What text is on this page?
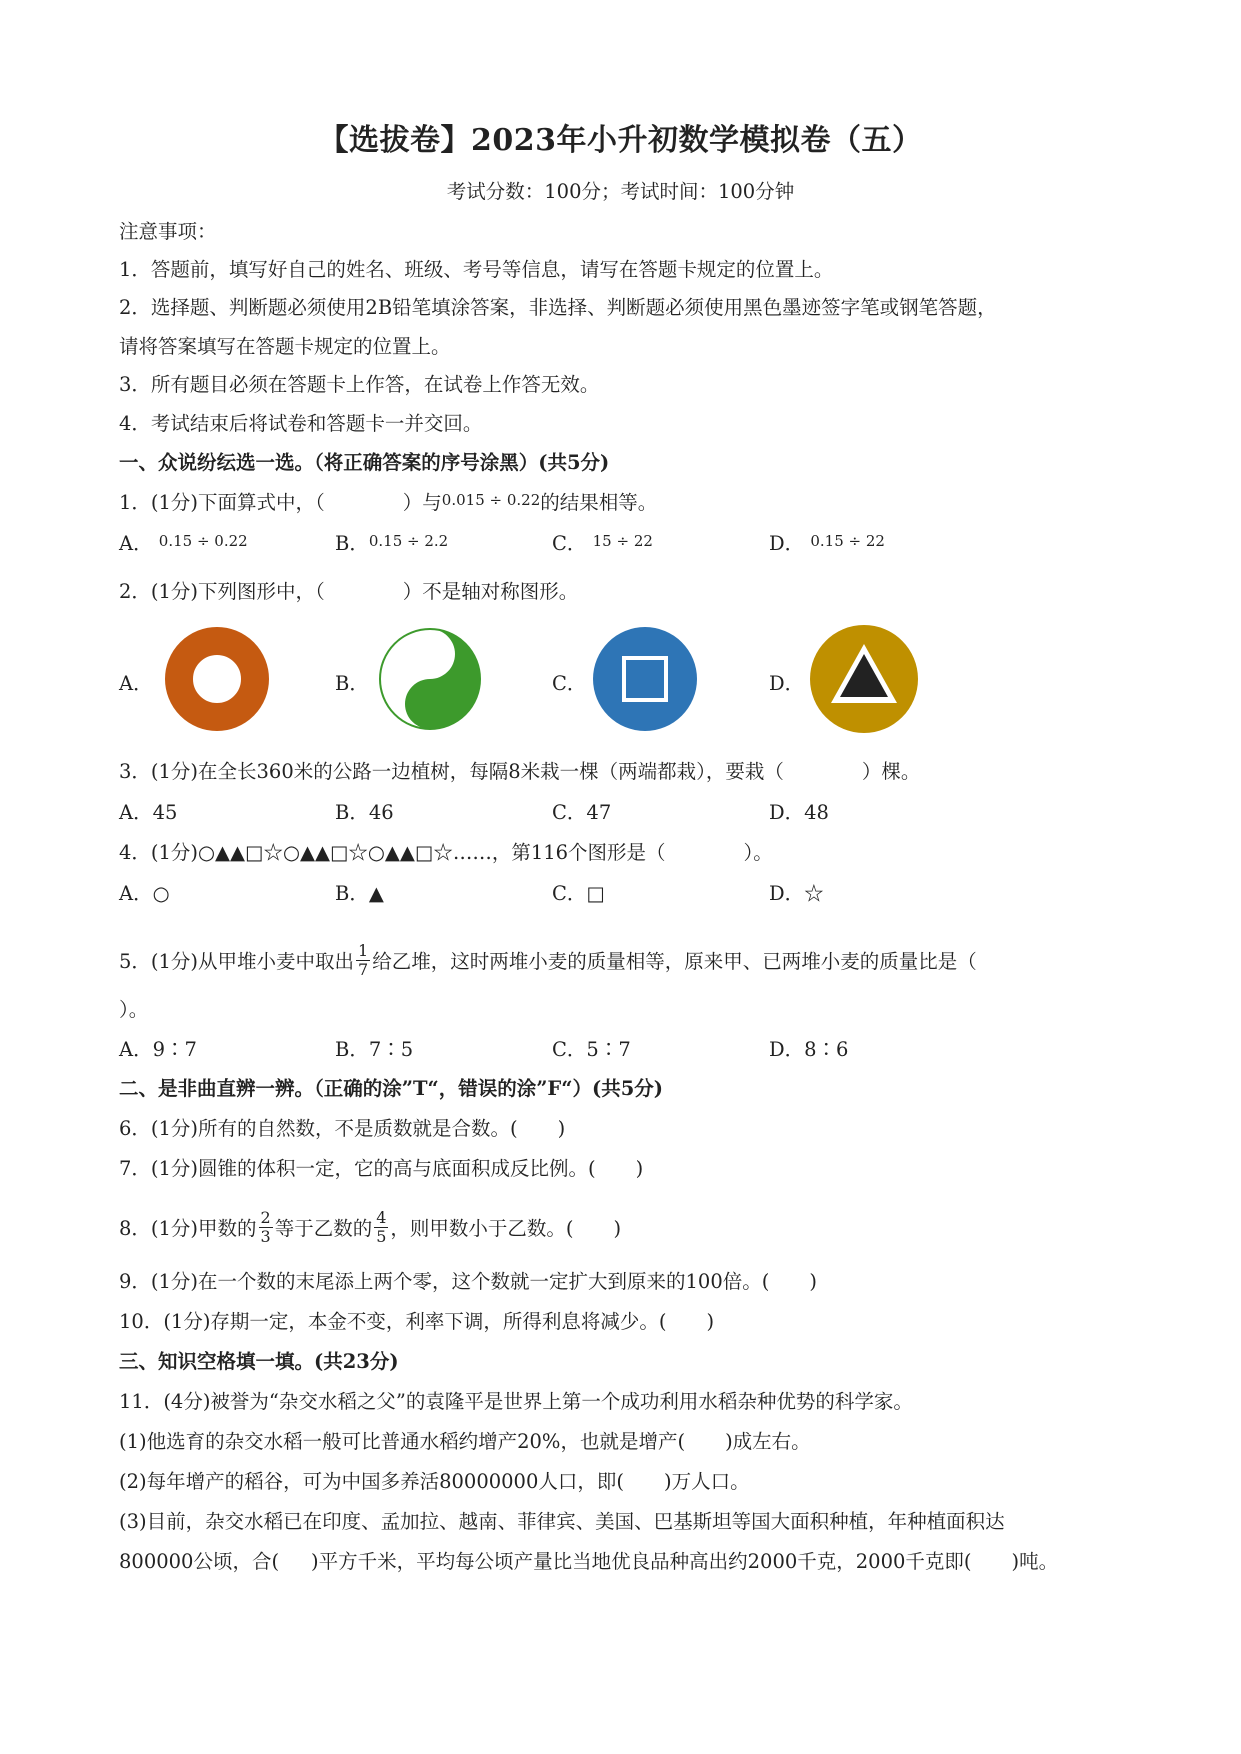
【选拔卷】2023年小升初数学模拟卷（五）
考试分数：100分；考试时间：100分钟
注意事项：
1．答题前，填写好自己的姓名、班级、考号等信息，请写在答题卡规定的位置上。
2．选择题、判断题必须使用2B铅笔填涂答案，非选择、判断题必须使用黑色墨迹签字笔或钢笔答题，
请将答案填写在答题卡规定的位置上。
3．所有题目必须在答题卡上作答，在试卷上作答无效。
4．考试结束后将试卷和答题卡一并交回。
一、众说纷纭选一选。（将正确答案的序号涂黑）(共5分)
1．(1分)下面算式中，（	）与$^{0.015 \div 0.22}$的结果相等。
A． $^{0.15 \div 0.22}$	B．$^{0.15 \div 2.2}$	C． $^{15 \div 22}$	D． $^{0.15 \div 22}$
2．(1分)下列图形中，（	）不是轴对称图形。
A．	B．	C．	D．
3．(1分)在全长360米的公路一边植树，每隔8米栽一棵（两端都栽），要栽（	）棵。
A．45	B．46	C．47	D．48
4．(1分)○▲▲□☆○▲▲□☆○▲▲□☆……，第116个图形是（	）。
A．○	B．▲	C．□	D．☆
5．(1分)从甲堆小麦中取出 $\frac{1}{7}$ 给乙堆，这时两堆小麦的质量相等，原来甲、已两堆小麦的质量比是（
）。
A．9∶7	B．7∶5	C．5∶7	D．8∶6
二、是非曲直辨一辨。（正确的涂”T“，错误的涂”F“）(共5分)
6．(1分)所有的自然数，不是质数就是合数。( )
7．(1分)圆锥的体积一定，它的高与底面积成反比例。( )
8．(1分)甲数的 $\frac{2}{3}$ 等于乙数的 $\frac{4}{5}$ ，则甲数小于乙数。( )
9．(1分)在一个数的末尾添上两个零，这个数就一定扩大到原来的100倍。( )
10．(1分)存期一定，本金不变，利率下调，所得利息将减少。( )
三、知识空格填一填。(共23分)
11．(4分)被誉为“杂交水稻之父”的袁隆平是世界上第一个成功利用水稻杂种优势的科学家。
(1)他选育的杂交水稻一般可比普通水稻约增产20%，也就是增产( )成左右。
(2)每年增产的稻谷，可为中国多养活80000000人口，即( )万人口。
(3)目前，杂交水稻已在印度、孟加拉、越南、菲律宾、美国、巴基斯坦等国大面积种植，年种植面积达
800000公顷，合( )平方千米，平均每公顷产量比当地优良品种高出约2000千克，2000千克即( )吨。
